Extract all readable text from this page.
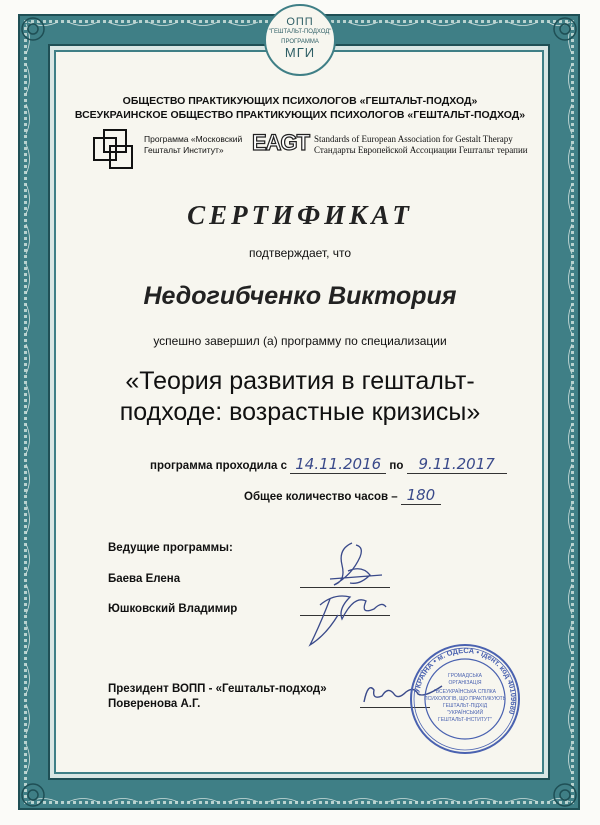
ОПП
"ГЕШТАЛЬТ-ПОДХОД"
ПРОГРАММА
МГИ
ОБЩЕСТВО ПРАКТИКУЮЩИХ ПСИХОЛОГОВ «ГЕШТАЛЬТ-ПОДХОД»
ВСЕУКРАИНСКОЕ ОБЩЕСТВО ПРАКТИКУЮЩИХ ПСИХОЛОГОВ «ГЕШТАЛЬТ-ПОДХОД»
Программа «Московский
Гештальт Институт»	EAGT Standards of European Association for Gestalt Therapy
Стандарты Европейской Ассоциации Гештальт терапии
СЕРТИФИКАТ
подтверждает, что
Недогибченко Виктория
успешно завершил (а) программу по специализации
«Теория развития в гештальт-
подходе: возрастные кризисы»
программа проходила с 14.11.2016 по 9.11.2017
Общее количество часов – 180
Ведущие программы:
Баева Елена
Юшковский Владимир
Президент ВОПП - «Гештальт-подход»
Поверенова А.Г.
УКРАЇНА • м. ОДЕСА • ідент. код 40109680
ГРОМАДСЬКА
ОРГАНІЗАЦІЯ
"ВСЕУКРАЇНСЬКА СПІЛКА
ПСИХОЛОГІВ, ЩО ПРАКТИКУЮТЬ
ГЕШТАЛЬТ-ПІДХІД
"УКРАЇНСЬКИЙ
ГЕШТАЛЬТ-ІНСТИТУТ"
